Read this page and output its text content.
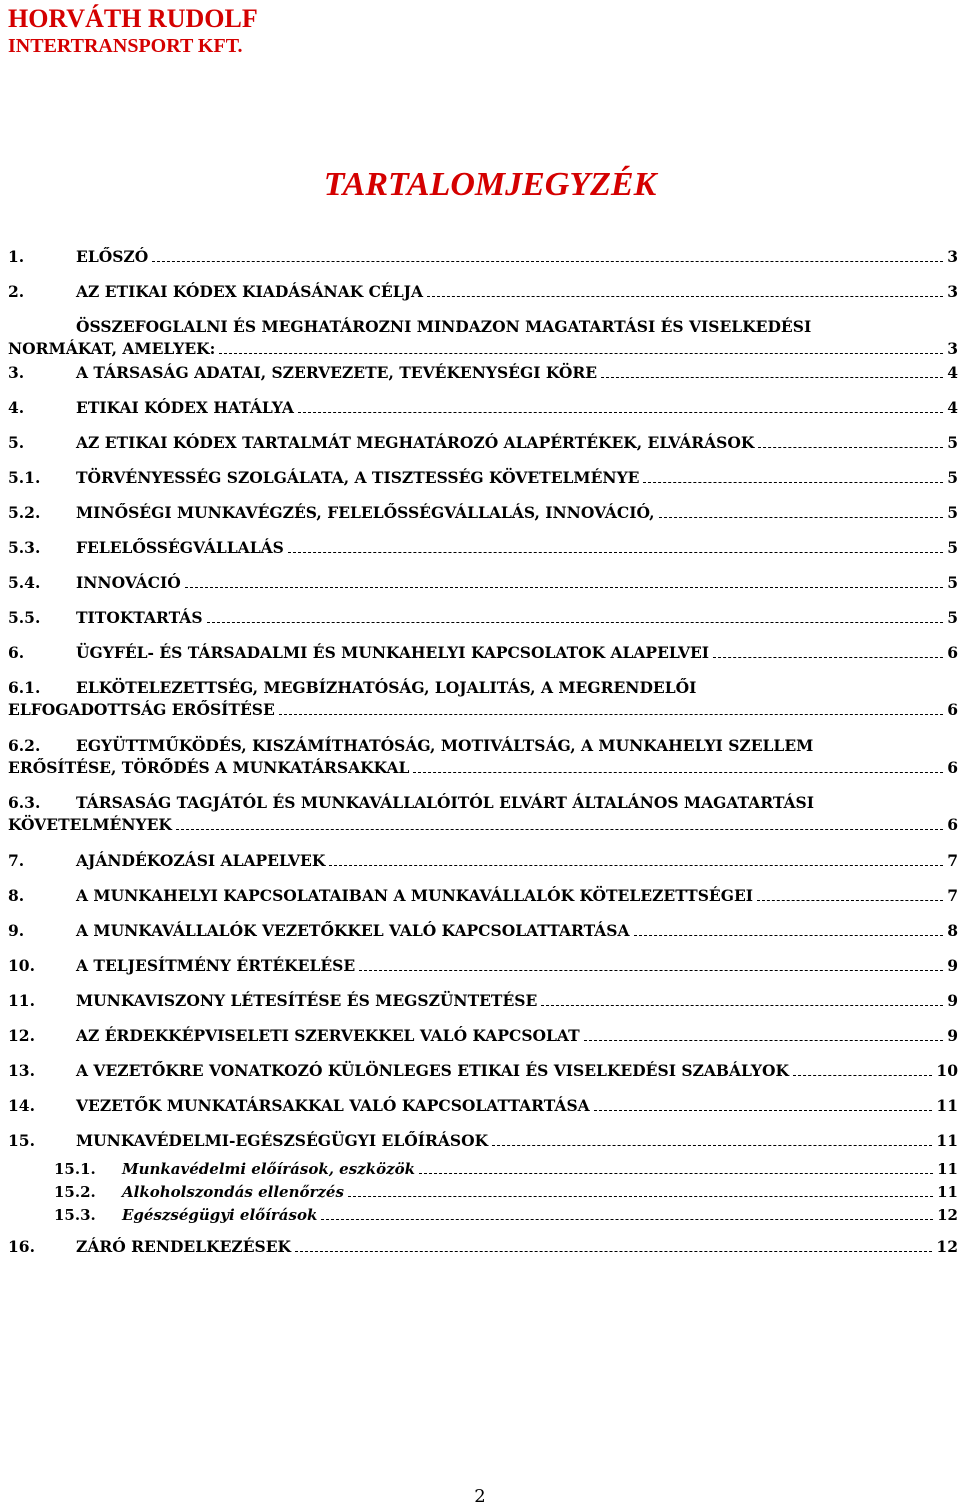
HORVÁTH RUDOLF
INTERTRANSPORT KFT.
TARTALOMJEGYZÉK
1.	ELŐSZÓ	3
2.	AZ ETIKAI KÓDEX KIADÁSÁNAK CÉLJA	3
ÖSSZEFOGLALNI ÉS MEGHATÁROZNI MINDAZON MAGATARTÁSI ÉS VISELKEDÉSI
NORMÁKAT, AMELYEK:	3
3.	A TÁRSASÁG ADATAI, SZERVEZETE, TEVÉKENYSÉGI KÖRE	4
4.	ETIKAI KÓDEX HATÁLYA	4
5.	AZ ETIKAI KÓDEX TARTALMÁT MEGHATÁROZÓ ALAPÉRTÉKEK, ELVÁRÁSOK	5
5.1.	TÖRVÉNYESSÉG SZOLGÁLATA, A TISZTESSÉG KÖVETELMÉNYE	5
5.2.	MINŐSÉGI MUNKAVÉGZÉS, FELELŐSSÉGVÁLLALÁS, INNOVÁCIÓ,	5
5.3.	FELELŐSSÉGVÁLLALÁS	5
5.4.	INNOVÁCIÓ	5
5.5.	TITOKTARTÁS	5
6.	ÜGYFÉL- ÉS TÁRSADALMI ÉS MUNKAHELYI KAPCSOLATOK ALAPELVEI	6
6.1.	ELKÖTELEZETTSÉG, MEGBÍZHATÓSÁG, LOJALITÁS, A MEGRENDELŐI
ELFOGADOTTSÁG ERŐSÍTÉSE	6
6.2.	EGYÜTTMŰKÖDÉS, KISZÁMÍTHATÓSÁG, MOTIVÁLTSÁG, A MUNKAHELYI SZELLEM
ERŐSÍTÉSE, TÖRŐDÉS A MUNKATÁRSAKKAL	6
6.3.	TÁRSASÁG TAGJÁTÓL ÉS MUNKAVÁLLALÓITÓL ELVÁRT ÁLTALÁNOS MAGATARTÁSI
KÖVETELMÉNYEK	6
7.	AJÁNDÉKOZÁSI ALAPELVEK	7
8.	A MUNKAHELYI KAPCSOLATAIBAN A MUNKAVÁLLALÓK KÖTELEZETTSÉGEI	7
9.	A MUNKAVÁLLALÓK VEZETŐKKEL VALÓ KAPCSOLATTARTÁSA	8
10.	A TELJESÍTMÉNY ÉRTÉKELÉSE	9
11.	MUNKAVISZONY LÉTESÍTÉSE ÉS MEGSZÜNTETÉSE	9
12.	AZ ÉRDEKKÉPVISELETI SZERVEKKEL VALÓ KAPCSOLAT	9
13.	A VEZETŐKRE VONATKOZÓ KÜLÖNLEGES ETIKAI ÉS VISELKEDÉSI SZABÁLYOK	10
14.	VEZETŐK MUNKATÁRSAKKAL VALÓ KAPCSOLATTARTÁSA	11
15.	MUNKAVÉDELMI-EGÉSZSÉGÜGYI ELŐÍRÁSOK	11
15.1.	Munkavédelmi előírások, eszközök	11
15.2.	Alkoholszondás ellenőrzés	11
15.3.	Egészségügyi előírások	12
16.	ZÁRÓ RENDELKEZÉSEK	12
2
